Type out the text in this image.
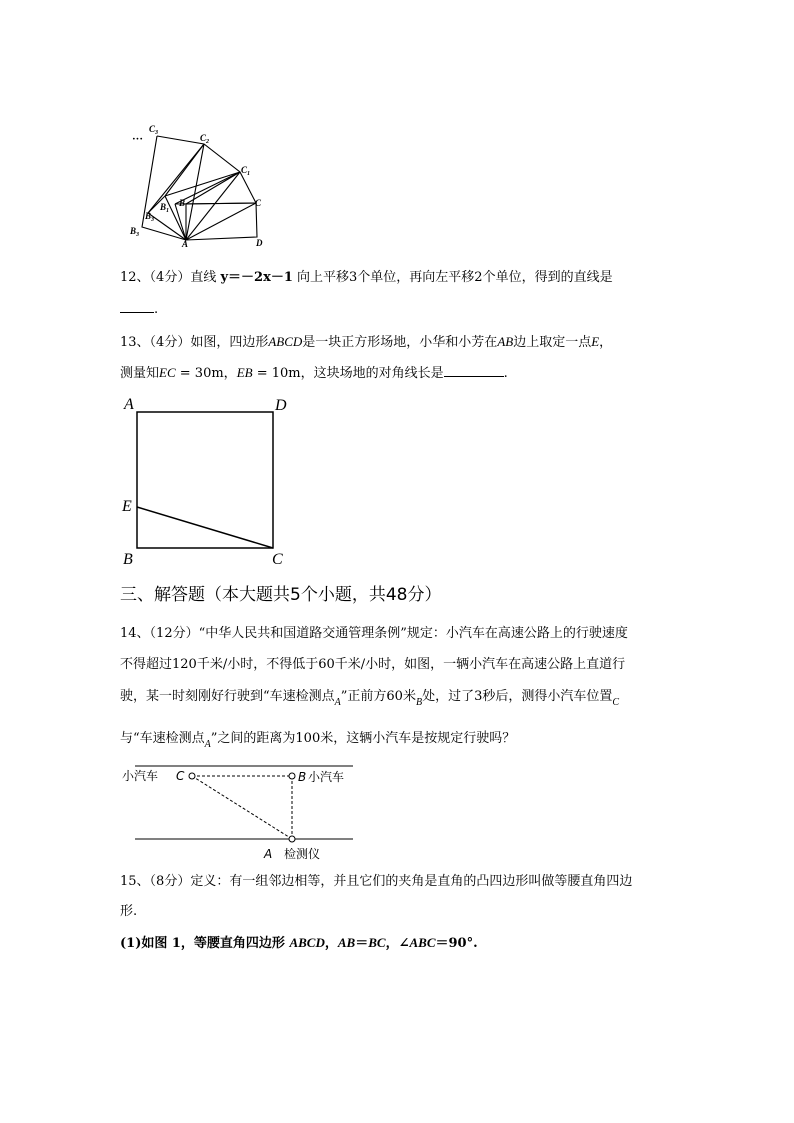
$C_3$	$C_2$
$C_1$
C
B
$B_1$
$B_3$
$B_3$
A	D
···
12、（4分）直线 y＝－2x－1 向上平移3个单位，再向左平移2个单位，得到的直线是
.
13、（4分）如图，四边形ABCD是一块正方形场地，小华和小芳在AB边上取定一点E，
测量知EC = 30m，EB = 10m，这块场地的对角线长是	.
A	D
E
B	C
三、解答题（本大题共5个小题，共48分）
14、（12分）“中华人民共和国道路交通管理条例”规定：小汽车在高速公路上的行驶速度
不得超过120千米/小时，不得低于60千米/小时，如图，一辆小汽车在高速公路上直道行
驶，某一时刻刚好行驶到“车速检测点$_A$”正前方60米$_B$处，过了3秒后，测得小汽车位置$_C$
与“车速检测点$_A$”之间的距离为100米，这辆小汽车是按规定行驶吗？
小汽车 C	B 小汽车
A 检测仪
15、（8分）定义：有一组邻边相等，并且它们的夹角是直角的凸四边形叫做等腰直角四边
形.
(1)如图 1，等腰直角四边形 ABCD，AB＝BC，∠ABC＝90°.
